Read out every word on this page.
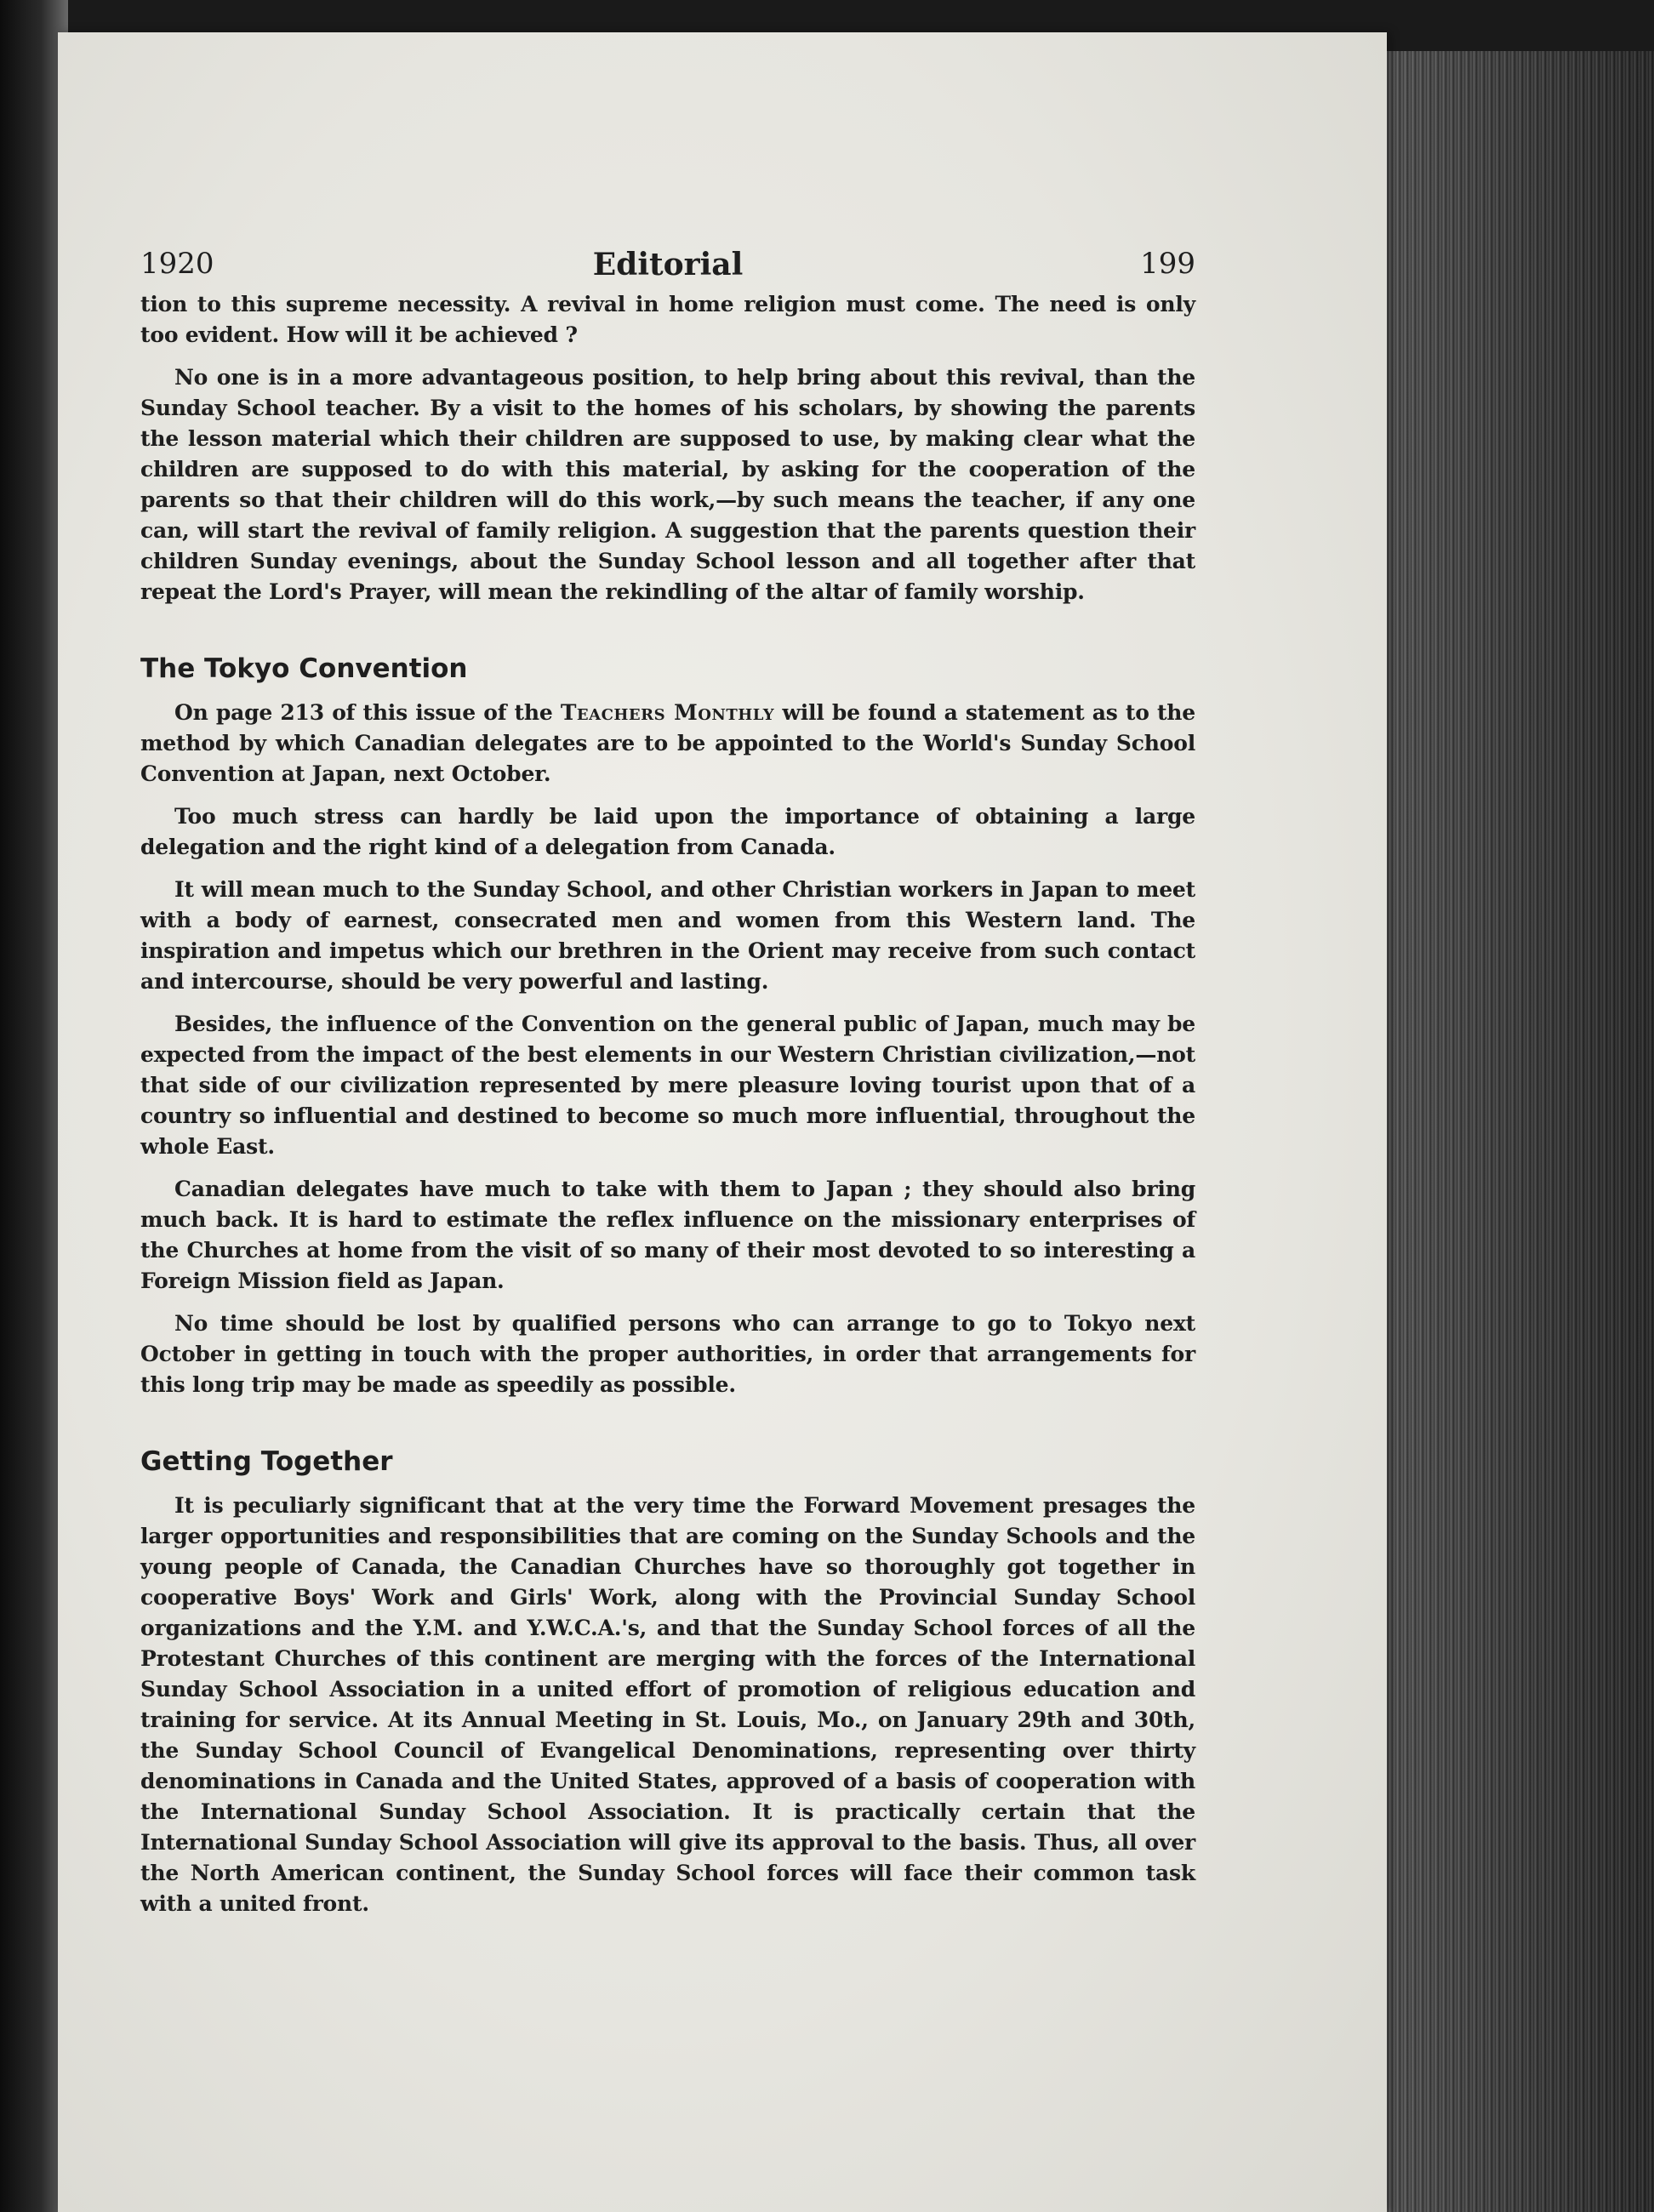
1920	Editorial	199

tion to this supreme necessity. A revival in home religion must come. The need is only too evident. How will it be achieved ?

No one is in a more advantageous position, to help bring about this revival, than the Sunday School teacher. By a visit to the homes of his scholars, by showing the parents the lesson material which their children are supposed to use, by making clear what the children are supposed to do with this material, by asking for the cooperation of the parents so that their children will do this work,—by such means the teacher, if any one can, will start the revival of family religion. A suggestion that the parents question their children Sunday evenings, about the Sunday School lesson and all together after that repeat the Lord's Prayer, will mean the rekindling of the altar of family worship.

The Tokyo Convention

On page 213 of this issue of the Teachers Monthly will be found a statement as to the method by which Canadian delegates are to be appointed to the World's Sunday School Convention at Japan, next October.

Too much stress can hardly be laid upon the importance of obtaining a large delegation and the right kind of a delegation from Canada.

It will mean much to the Sunday School, and other Christian workers in Japan to meet with a body of earnest, consecrated men and women from this Western land. The inspiration and impetus which our brethren in the Orient may receive from such contact and intercourse, should be very powerful and lasting.

Besides, the influence of the Convention on the general public of Japan, much may be expected from the impact of the best elements in our Western Christian civilization,—not that side of our civilization represented by mere pleasure loving tourist upon that of a country so influential and destined to become so much more influential, throughout the whole East.

Canadian delegates have much to take with them to Japan ; they should also bring much back. It is hard to estimate the reflex influence on the missionary enterprises of the Churches at home from the visit of so many of their most devoted to so interesting a Foreign Mission field as Japan.

No time should be lost by qualified persons who can arrange to go to Tokyo next October in getting in touch with the proper authorities, in order that arrangements for this long trip may be made as speedily as possible.

Getting Together

It is peculiarly significant that at the very time the Forward Movement presages the larger opportunities and responsibilities that are coming on the Sunday Schools and the young people of Canada, the Canadian Churches have so thoroughly got together in cooperative Boys' Work and Girls' Work, along with the Provincial Sunday School organizations and the Y.M. and Y.W.C.A.'s, and that the Sunday School forces of all the Protestant Churches of this continent are merging with the forces of the International Sunday School Association in a united effort of promotion of religious education and training for service. At its Annual Meeting in St. Louis, Mo., on January 29th and 30th, the Sunday School Council of Evangelical Denominations, representing over thirty denominations in Canada and the United States, approved of a basis of cooperation with the International Sunday School Association. It is practically certain that the International Sunday School Association will give its approval to the basis. Thus, all over the North American continent, the Sunday School forces will face their common task with a united front.
